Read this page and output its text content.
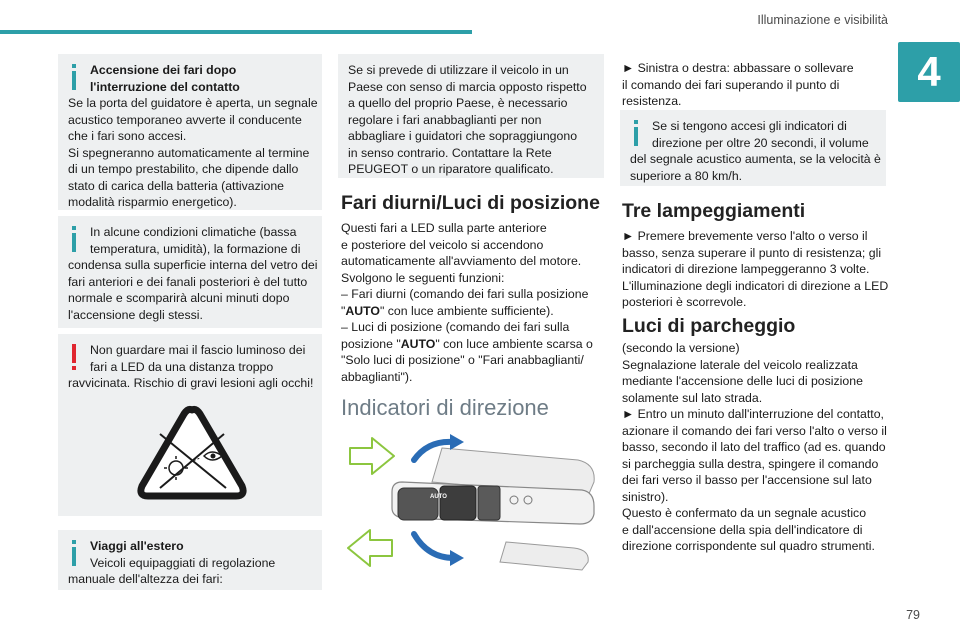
Illuminazione e visibilità
4
Accensione dei fari dopo
l'interruzione del contatto
Se la porta del guidatore è aperta, un segnale
acustico temporaneo avverte il conducente
che i fari sono accesi.
Si spegneranno automaticamente al termine
di un tempo prestabilito, che dipende dallo
stato di carica della batteria (attivazione
modalità risparmio energetico).
In alcune condizioni climatiche (bassa
temperatura, umidità), la formazione di
condensa sulla superficie interna del vetro dei
fari anteriori e dei fanali posteriori è del tutto
normale e scomparirà alcuni minuti dopo
l'accensione degli stessi.
Non guardare mai il fascio luminoso dei
fari a LED da una distanza troppo
ravvicinata. Rischio di gravi lesioni agli occhi!
Viaggi all'estero
Veicoli equipaggiati di regolazione
manuale dell'altezza dei fari:
Se si prevede di utilizzare il veicolo in un
Paese con senso di marcia opposto rispetto
a quello del proprio Paese, è necessario
regolare i fari anabbaglianti per non
abbagliare i guidatori che sopraggiungono
in senso contrario. Contattare la Rete
PEUGEOT o un riparatore qualificato.
Fari diurni/Luci di posizione
Questi fari a LED sulla parte anteriore
e posteriore del veicolo si accendono
automaticamente all'avviamento del motore.
Svolgono le seguenti funzioni:
– Fari diurni (comando dei fari sulla posizione
"AUTO" con luce ambiente sufficiente).
– Luci di posizione (comando dei fari sulla
posizione "AUTO" con luce ambiente scarsa o
"Solo luci di posizione" o "Fari anabbaglianti/
abbaglianti").
Indicatori di direzione
AUTO
► Sinistra o destra: abbassare o sollevare
il comando dei fari superando il punto di
resistenza.
Se si tengono accesi gli indicatori di
direzione per oltre 20 secondi, il volume
del segnale acustico aumenta, se la velocità è
superiore a 80 km/h.
Tre lampeggiamenti
► Premere brevemente verso l'alto o verso il
basso, senza superare il punto di resistenza; gli
indicatori di direzione lampeggeranno 3 volte.
L'illuminazione degli indicatori di direzione a LED
posteriori è scorrevole.
Luci di parcheggio
(secondo la versione)
Segnalazione laterale del veicolo realizzata
mediante l'accensione delle luci di posizione
solamente sul lato strada.
► Entro un minuto dall'interruzione del contatto,
azionare il comando dei fari verso l'alto o verso il
basso, secondo il lato del traffico (ad es. quando
si parcheggia sulla destra, spingere il comando
dei fari verso il basso per l'accensione sul lato
sinistro).
Questo è confermato da un segnale acustico
e dall'accensione della spia dell'indicatore di
direzione corrispondente sul quadro strumenti.
79
